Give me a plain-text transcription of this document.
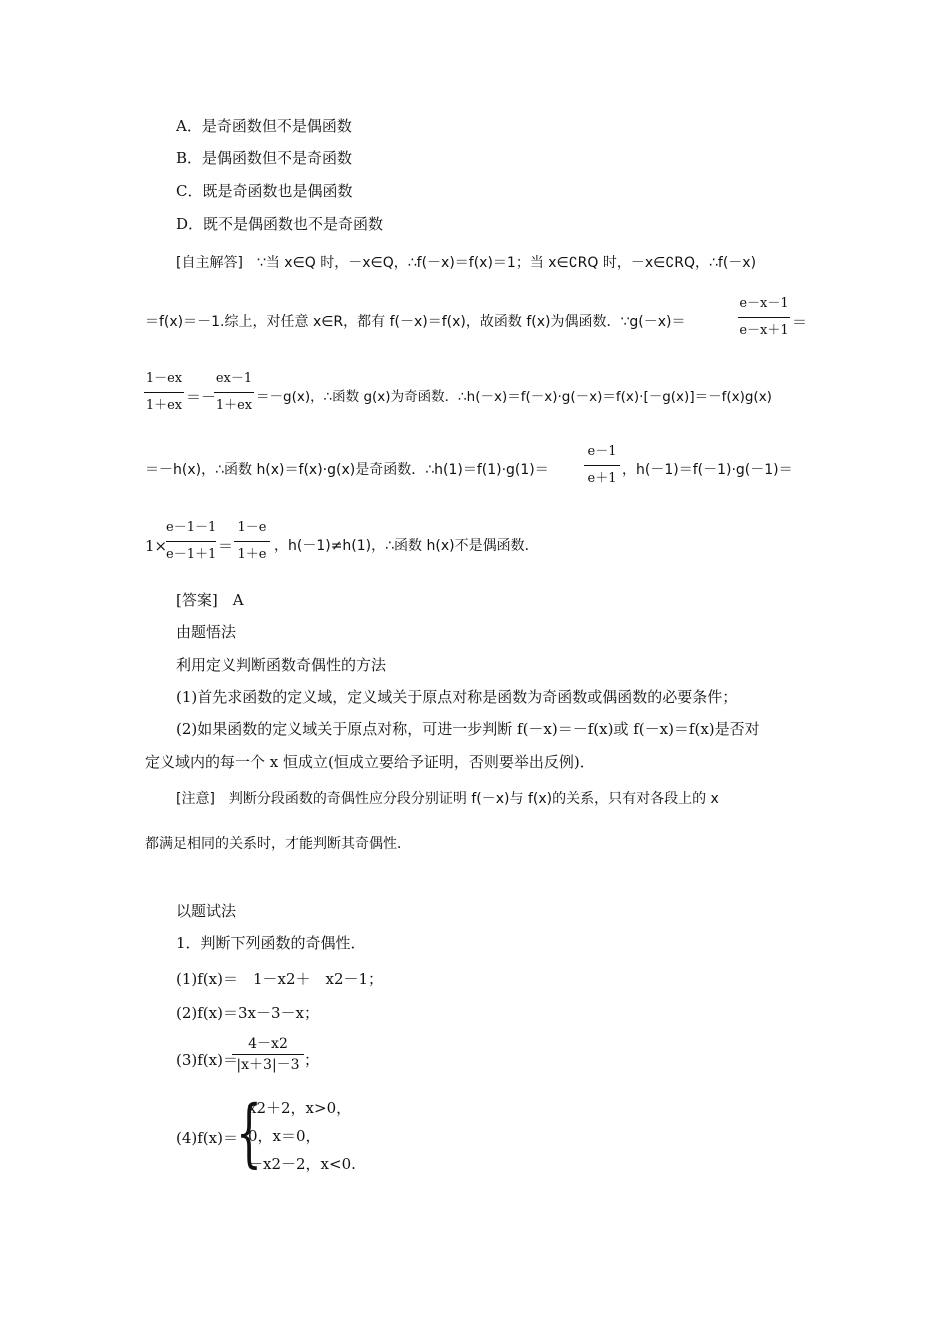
A．是奇函数但不是偶函数
B．是偶函数但不是奇函数
C．既是奇函数也是偶函数
D．既不是偶函数也不是奇函数
[自主解答]　∵当 x∈Q 时，－x∈Q，∴f(－x)＝f(x)＝1；当 x∈∁RQ 时，－x∈∁RQ，∴f(－x)
＝f(x)＝－1.综上，对任意 x∈R，都有 f(－x)＝f(x)，故函数 f(x)为偶函数．∵g(－x)＝
e－x－1
e－x＋1 ＝
1－ex
1＋ex ＝－
ex－1
1＋ex
＝－g(x)，∴函数 g(x)为奇函数．∴h(－x)＝f(－x)·g(－x)＝f(x)·[－g(x)]＝－f(x)g(x)
＝－h(x)，∴函数 h(x)＝f(x)·g(x)是奇函数．∴h(1)＝f(1)·g(1)＝
e－1
e＋1
，h(－1)＝f(－1)·g(－1)＝
1×
e－1－1
e－1＋1 ＝
1－e
1＋e
，h(－1)≠h(1)，∴函数 h(x)不是偶函数．
[答案]　A
由题悟法
利用定义判断函数奇偶性的方法
(1)首先求函数的定义域，定义域关于原点对称是函数为奇函数或偶函数的必要条件；
(2)如果函数的定义域关于原点对称，可进一步判断 f(－x)＝－f(x)或 f(－x)＝f(x)是否对
定义域内的每一个 x 恒成立(恒成立要给予证明，否则要举出反例)．
[注意]　判断分段函数的奇偶性应分段分别证明 f(－x)与 f(x)的关系，只有对各段上的 x
都满足相同的关系时，才能判断其奇偶性．
以题试法
1．判断下列函数的奇偶性．
(1)f(x)＝　1－x2＋　x2－1；
(2)f(x)＝3x－3－x；
(3)f(x)＝
4－x2
|x＋3|－3 ；
(4)f(x)＝
{
x2＋2，x>0，
0，x＝0，
－x2－2，x<0.
